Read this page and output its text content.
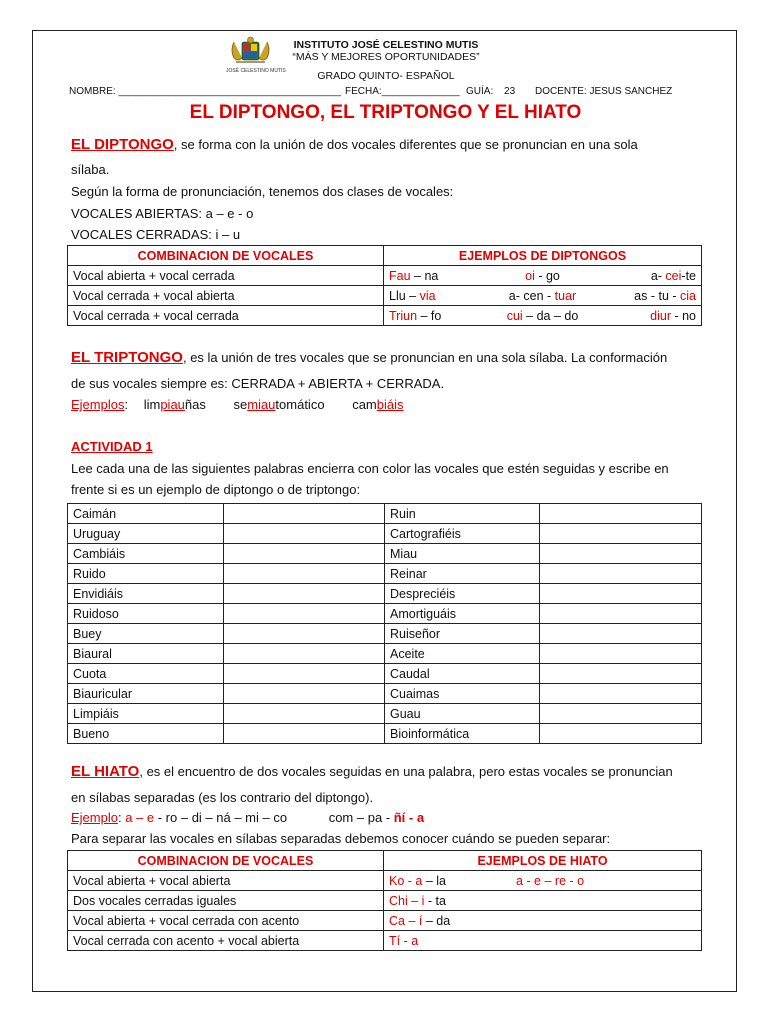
JOSÉ CELESTINO MUTIS
INSTITUTO JOSÉ CELESTINO MUTIS
“MÁS Y MEJORES OPORTUNIDADES”
GRADO QUINTO- ESPAÑOL
NOMBRE: ________________________________________ FECHA:______________ GUÍA: 23 DOCENTE: JESUS SANCHEZ
EL DIPTONGO, EL TRIPTONGO Y EL HIATO
EL DIPTONGO, se forma con la unión de dos vocales diferentes que se pronuncian en una sola
sílaba.
Según la forma de pronunciación, tenemos dos clases de vocales:
VOCALES ABIERTAS: a – e - o
VOCALES CERRADAS: i – u
COMBINACION DE VOCALES	EJEMPLOS DE DIPTONGOS		
Vocal abierta + vocal cerrada	Fau – na	oi - go	a- cei-te
Vocal cerrada + vocal abierta	Llu – via	a- cen - tuar	as - tu - cia
Vocal cerrada + vocal cerrada	Triun – fo	cui – da – do	diur - no
EL TRIPTONGO, es la unión de tres vocales que se pronuncian en una sola sílaba. La conformación
de sus vocales siempre es: CERRADA + ABIERTA + CERRADA.
Ejemplos: limpiauñas semiautomático cambiáis
ACTIVIDAD 1
Lee cada una de las siguientes palabras encierra con color las vocales que estén seguidas y escribe en
frente si es un ejemplo de diptongo o de triptongo:
Caimán		Ruin	
Uruguay		Cartografiéis	
Cambiáis		Miau	
Ruido		Reinar	
Envidiáis		Despreciéis	
Ruidoso		Amortiguáis	
Buey		Ruiseñor	
Biaural		Aceite	
Cuota		Caudal	
Biauricular		Cuaimas	
Limpiáis		Guau	
Bueno		Bioinformática	
EL HIATO, es el encuentro de dos vocales seguidas en una palabra, pero estas vocales se pronuncian
en sílabas separadas (es los contrario del diptongo).
Ejemplo: a – e - ro – di – ná – mi – co	com – pa - ñí - a
Para separar las vocales en sílabas separadas debemos conocer cuándo se pueden separar:
COMBINACION DE VOCALES	EJEMPLOS DE HIATO
Vocal abierta + vocal abierta	Ko - a – la a - e – re - o
Dos vocales cerradas iguales	Chi – i - ta
Vocal abierta + vocal cerrada con acento	Ca – í – da
Vocal cerrada con acento + vocal abierta	Tí - a
